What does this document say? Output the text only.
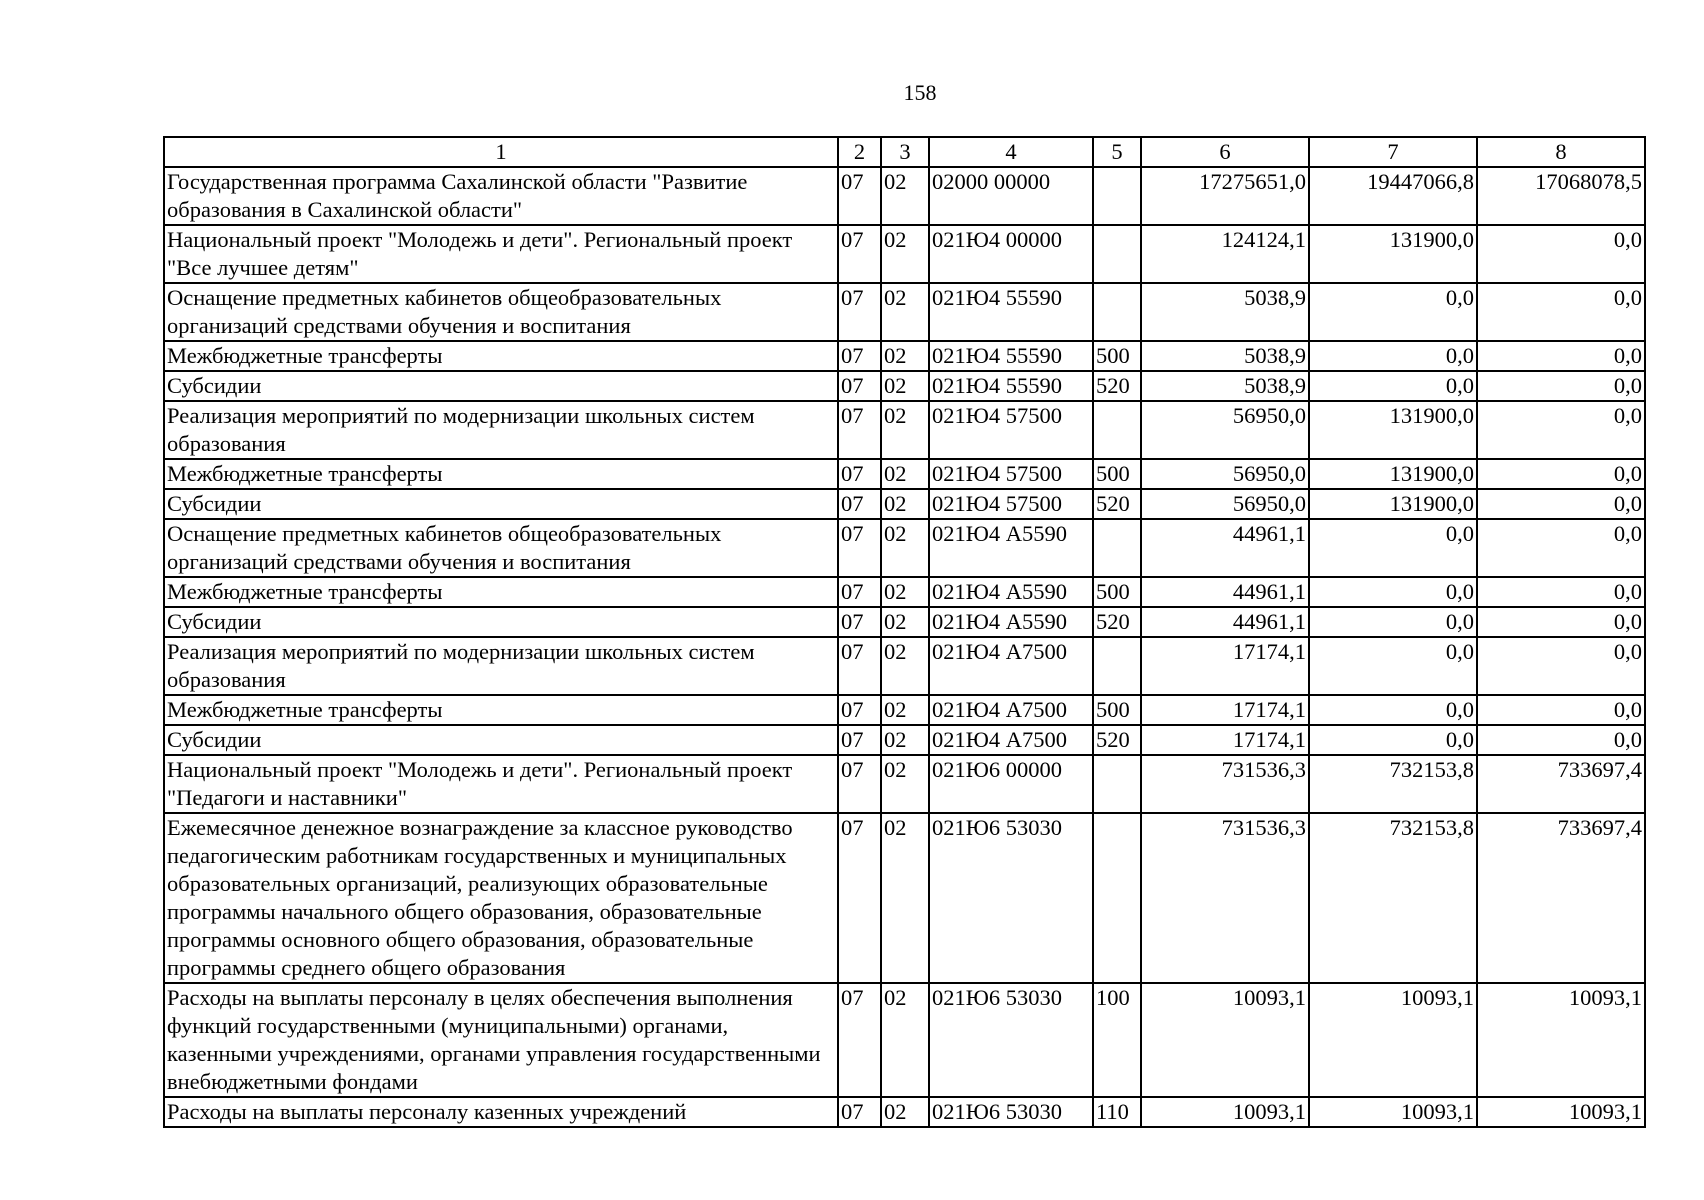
158
1	2	3	4	5	6	7	8
Государственная программа Сахалинской области "Развитие образования в Сахалинской области"	07	02	02000 00000		17275651,0	19447066,8	17068078,5
Национальный проект "Молодежь и дети". Региональный проект "Все лучшее детям"	07	02	021Ю4 00000		124124,1	131900,0	0,0
Оснащение предметных кабинетов общеобразовательных организаций средствами обучения и воспитания	07	02	021Ю4 55590		5038,9	0,0	0,0
Межбюджетные трансферты	07	02	021Ю4 55590	500	5038,9	0,0	0,0
Субсидии	07	02	021Ю4 55590	520	5038,9	0,0	0,0
Реализация мероприятий по модернизации школьных систем образования	07	02	021Ю4 57500		56950,0	131900,0	0,0
Межбюджетные трансферты	07	02	021Ю4 57500	500	56950,0	131900,0	0,0
Субсидии	07	02	021Ю4 57500	520	56950,0	131900,0	0,0
Оснащение предметных кабинетов общеобразовательных организаций средствами обучения и воспитания	07	02	021Ю4 А5590		44961,1	0,0	0,0
Межбюджетные трансферты	07	02	021Ю4 А5590	500	44961,1	0,0	0,0
Субсидии	07	02	021Ю4 А5590	520	44961,1	0,0	0,0
Реализация мероприятий по модернизации школьных систем образования	07	02	021Ю4 А7500		17174,1	0,0	0,0
Межбюджетные трансферты	07	02	021Ю4 А7500	500	17174,1	0,0	0,0
Субсидии	07	02	021Ю4 А7500	520	17174,1	0,0	0,0
Национальный проект "Молодежь и дети". Региональный проект "Педагоги и наставники"	07	02	021Ю6 00000		731536,3	732153,8	733697,4
Ежемесячное денежное вознаграждение за классное руководство педагогическим работникам государственных и муниципальных образовательных организаций, реализующих образовательные программы начального общего образования, образовательные программы основного общего образования, образовательные программы среднего общего образования	07	02	021Ю6 53030		731536,3	732153,8	733697,4
Расходы на выплаты персоналу в целях обеспечения выполнения функций государственными (муниципальными) органами, казенными учреждениями, органами управления государственными внебюджетными фондами	07	02	021Ю6 53030	100	10093,1	10093,1	10093,1
Расходы на выплаты персоналу казенных учреждений	07	02	021Ю6 53030	110	10093,1	10093,1	10093,1
